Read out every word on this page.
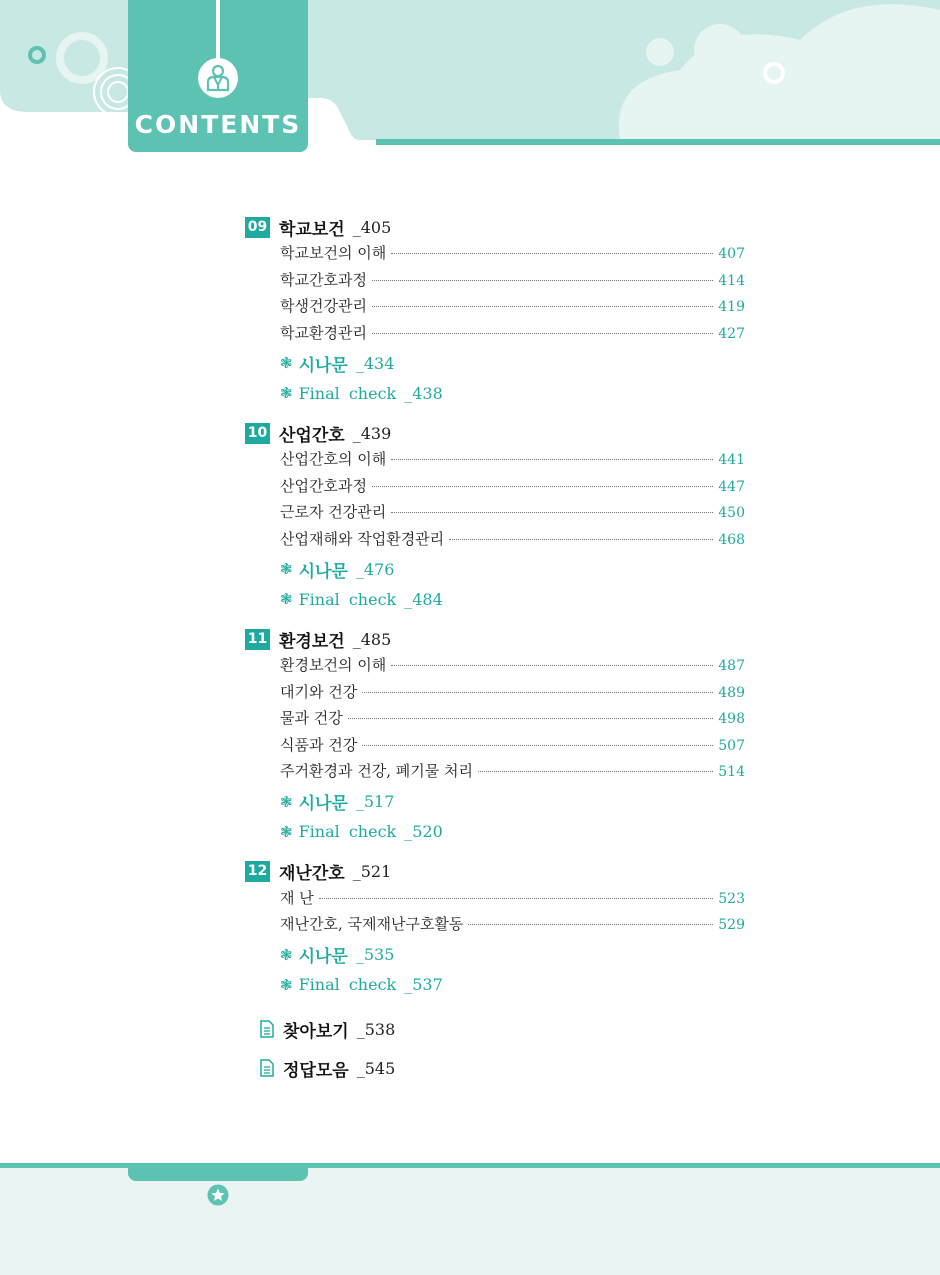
CONTENTS
09 학교보건 _405
학교보건의 이해	407
학교간호과정	414
학생건강관리	419
학교환경관리	427
❃ 시나문 _434
❃ Final check _438
10 산업간호 _439
산업간호의 이해	441
산업간호과정	447
근로자 건강관리	450
산업재해와 작업환경관리	468
❃ 시나문 _476
❃ Final check _484
11 환경보건 _485
환경보건의 이해	487
대기와 건강	489
물과 건강	498
식품과 건강	507
주거환경과 건강, 폐기물 처리	514
❃ 시나문 _517
❃ Final check _520
12 재난간호 _521
재 난	523
재난간호, 국제재난구호활동	529
❃ 시나문 _535
❃ Final check _537
찾아보기 _538
정답모음 _545
